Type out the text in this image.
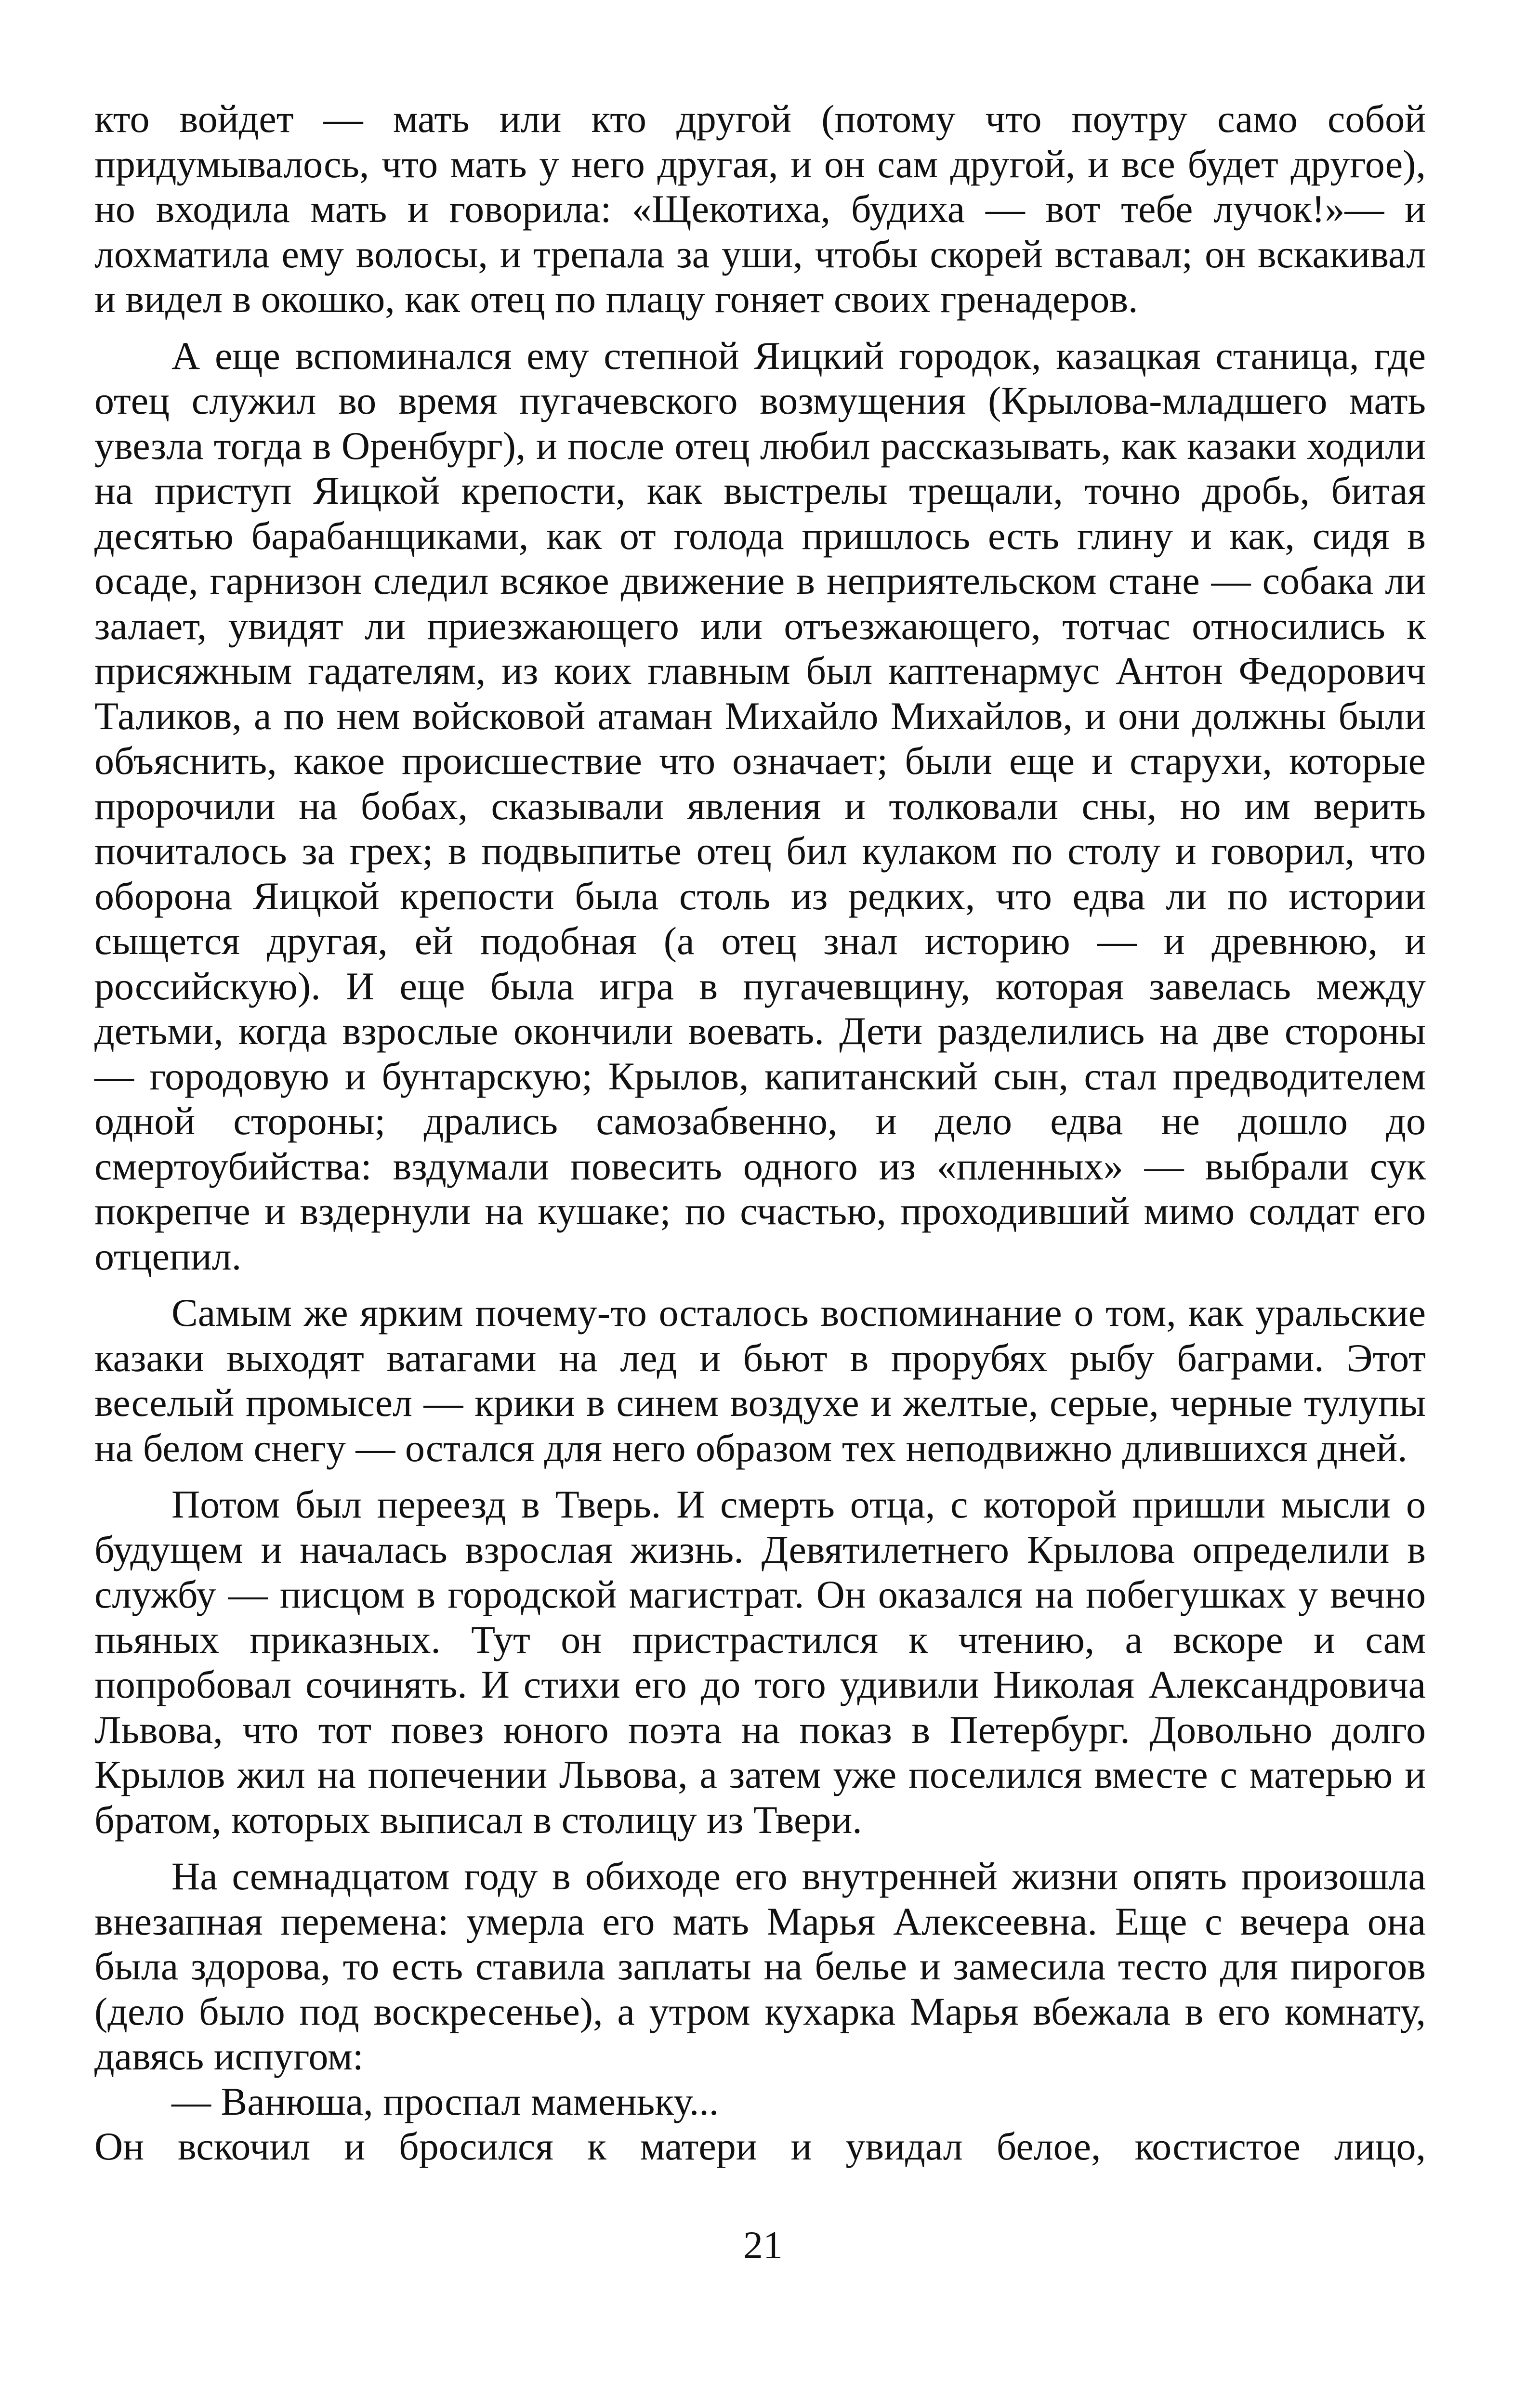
кто войдет — мать или кто другой (потому что поутру само собой придумывалось, что мать у него другая, и он сам другой, и все будет другое), но входила мать и говорила: «Щекотиха, будиха — вот тебе лучок!»— и лохматила ему волосы, и трепала за уши, чтобы скорей вставал; он вскакивал и видел в окошко, как отец по плацу гоняет своих гренадеров.

А еще вспоминался ему степной Яицкий городок, казацкая станица, где отец служил во время пугачевского возмущения (Крылова-младшего мать увезла тогда в Оренбург), и после отец любил рассказывать, как казаки ходили на приступ Яицкой крепости, как выстрелы трещали, точно дробь, битая десятью барабанщиками, как от голода пришлось есть глину и как, сидя в осаде, гарнизон следил всякое движение в неприятельском стане — собака ли залает, увидят ли приезжающего или отъезжающего, тотчас относились к присяжным гадателям, из коих главным был каптенармус Антон Федорович Таликов, а по нем войсковой атаман Михайло Михайлов, и они должны были объяснить, какое происшествие что означает; были еще и старухи, которые пророчили на бобах, сказывали явления и толковали сны, но им верить почиталось за грех; в подвыпитье отец бил кулаком по столу и говорил, что оборона Яицкой крепости была столь из редких, что едва ли по истории сыщется другая, ей подобная (а отец знал историю — и древнюю, и российскую). И еще была игра в пугачевщину, которая завелась между детьми, когда взрослые окончили воевать. Дети разделились на две стороны — городовую и бунтарскую; Крылов, капитанский сын, стал предводителем одной стороны; дрались самозабвенно, и дело едва не дошло до смертоубийства: вздумали повесить одного из «пленных» — выбрали сук покрепче и вздернули на кушаке; по счастью, проходивший мимо солдат его отцепил.

Самым же ярким почему-то осталось воспоминание о том, как уральские казаки выходят ватагами на лед и бьют в прорубях рыбу баграми. Этот веселый промысел — крики в синем воздухе и желтые, серые, черные тулупы на белом снегу — остался для него образом тех неподвижно длившихся дней.

Потом был переезд в Тверь. И смерть отца, с которой пришли мысли о будущем и началась взрослая жизнь. Девятилетнего Крылова определили в службу — писцом в городской магистрат. Он оказался на побегушках у вечно пьяных приказных. Тут он пристрастился к чтению, а вскоре и сам попробовал сочинять. И стихи его до того удивили Николая Александровича Львова, что тот повез юного поэта на показ в Петербург. Довольно долго Крылов жил на попечении Львова, а затем уже поселился вместе с матерью и братом, которых выписал в столицу из Твери.

На семнадцатом году в обиходе его внутренней жизни опять произошла внезапная перемена: умерла его мать Марья Алексеевна. Еще с вечера она была здорова, то есть ставила заплаты на белье и замесила тесто для пирогов (дело было под воскресенье), а утром кухарка Марья вбежала в его комнату, давясь испугом:

— Ванюша, проспал маменьку...

Он вскочил и бросился к матери и увидал белое, костистое лицо,

21
